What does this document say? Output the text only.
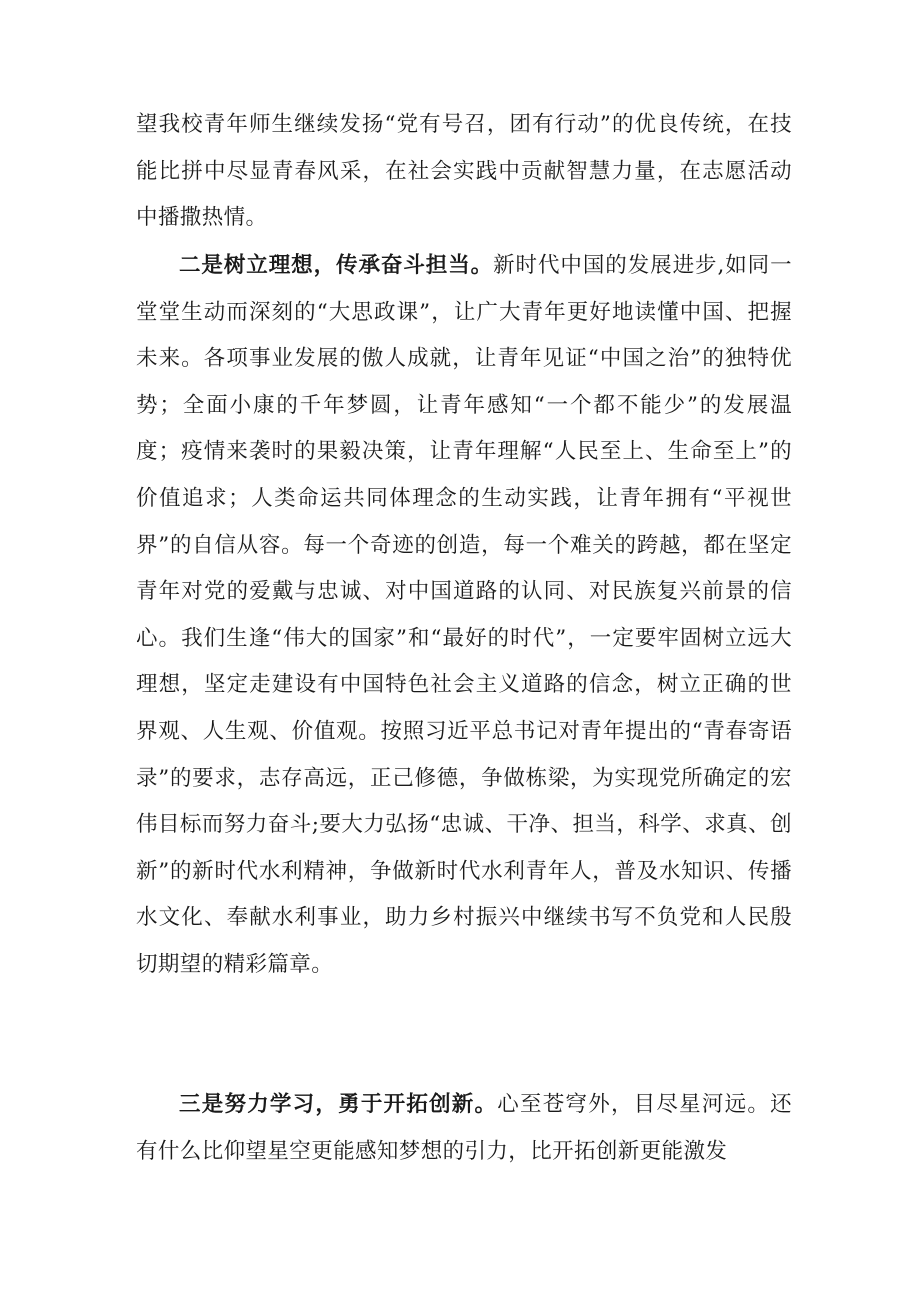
望我校青年师生继续发扬“党有号召，团有行动”的优良传统，在技能比拼中尽显青春风采，在社会实践中贡献智慧力量，在志愿活动中播撒热情。

二是树立理想，传承奋斗担当。新时代中国的发展进步,如同一堂堂生动而深刻的“大思政课”，让广大青年更好地读懂中国、把握未来。各项事业发展的傲人成就，让青年见证“中国之治”的独特优势；全面小康的千年梦圆，让青年感知“一个都不能少”的发展温度；疫情来袭时的果毅决策，让青年理解“人民至上、生命至上”的价值追求；人类命运共同体理念的生动实践，让青年拥有“平视世界”的自信从容。每一个奇迹的创造，每一个难关的跨越，都在坚定青年对党的爱戴与忠诚、对中国道路的认同、对民族复兴前景的信心。我们生逢“伟大的国家”和“最好的时代”，一定要牢固树立远大理想，坚定走建设有中国特色社会主义道路的信念，树立正确的世界观、人生观、价值观。按照习近平总书记对青年提出的“青春寄语录”的要求，志存高远，正己修德，争做栋梁，为实现党所确定的宏伟目标而努力奋斗;要大力弘扬“忠诚、干净、担当，科学、求真、创新”的新时代水利精神，争做新时代水利青年人，普及水知识、传播水文化、奉献水利事业，助力乡村振兴中继续书写不负党和人民殷切期望的精彩篇章。

三是努力学习，勇于开拓创新。心至苍穹外，目尽星河远。还有什么比仰望星空更能感知梦想的引力，比开拓创新更能激发
